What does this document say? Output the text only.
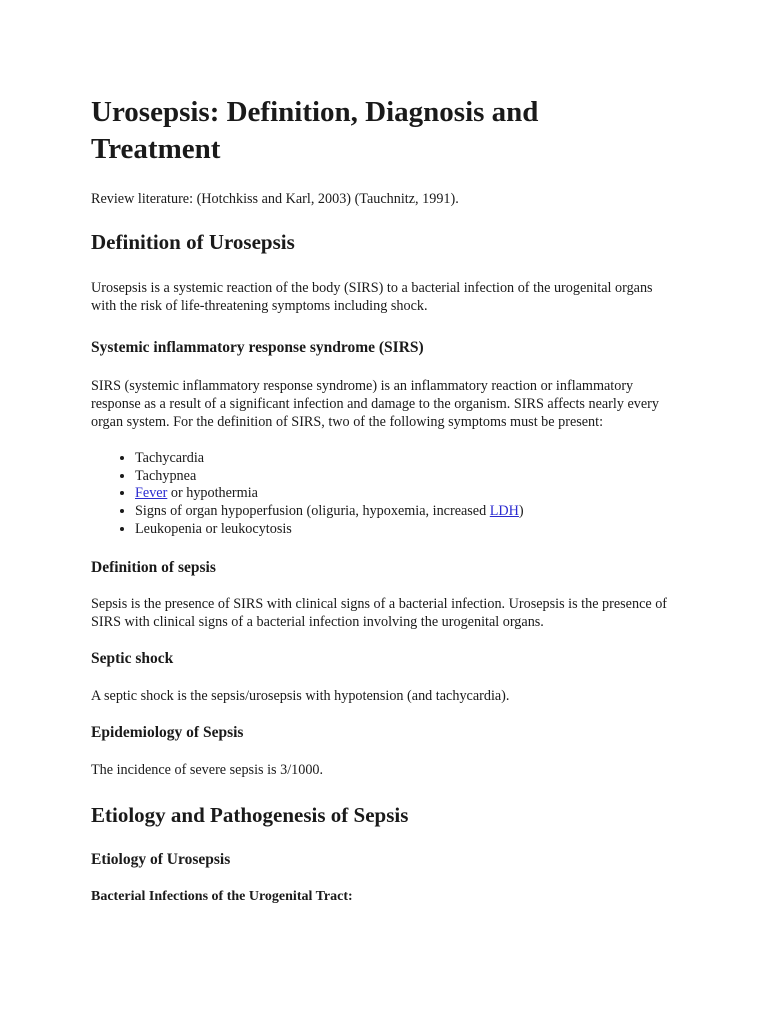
Urosepsis: Definition, Diagnosis and Treatment

Review literature: (Hotchkiss and Karl, 2003) (Tauchnitz, 1991).

Definition of Urosepsis

Urosepsis is a systemic reaction of the body (SIRS) to a bacterial infection of the urogenital organs with the risk of life-threatening symptoms including shock.

Systemic inflammatory response syndrome (SIRS)

SIRS (systemic inflammatory response syndrome) is an inflammatory reaction or inflammatory response as a result of a significant infection and damage to the organism. SIRS affects nearly every organ system. For the definition of SIRS, two of the following symptoms must be present:

• Tachycardia
• Tachypnea
• Fever or hypothermia
• Signs of organ hypoperfusion (oliguria, hypoxemia, increased LDH)
• Leukopenia or leukocytosis
Definition of sepsis

Sepsis is the presence of SIRS with clinical signs of a bacterial infection. Urosepsis is the presence of SIRS with clinical signs of a bacterial infection involving the urogenital organs.

Septic shock

A septic shock is the sepsis/urosepsis with hypotension (and tachycardia).

Epidemiology of Sepsis

The incidence of severe sepsis is 3/1000.

Etiology and Pathogenesis of Sepsis
Etiology of Urosepsis
Bacterial Infections of the Urogenital Tract:
